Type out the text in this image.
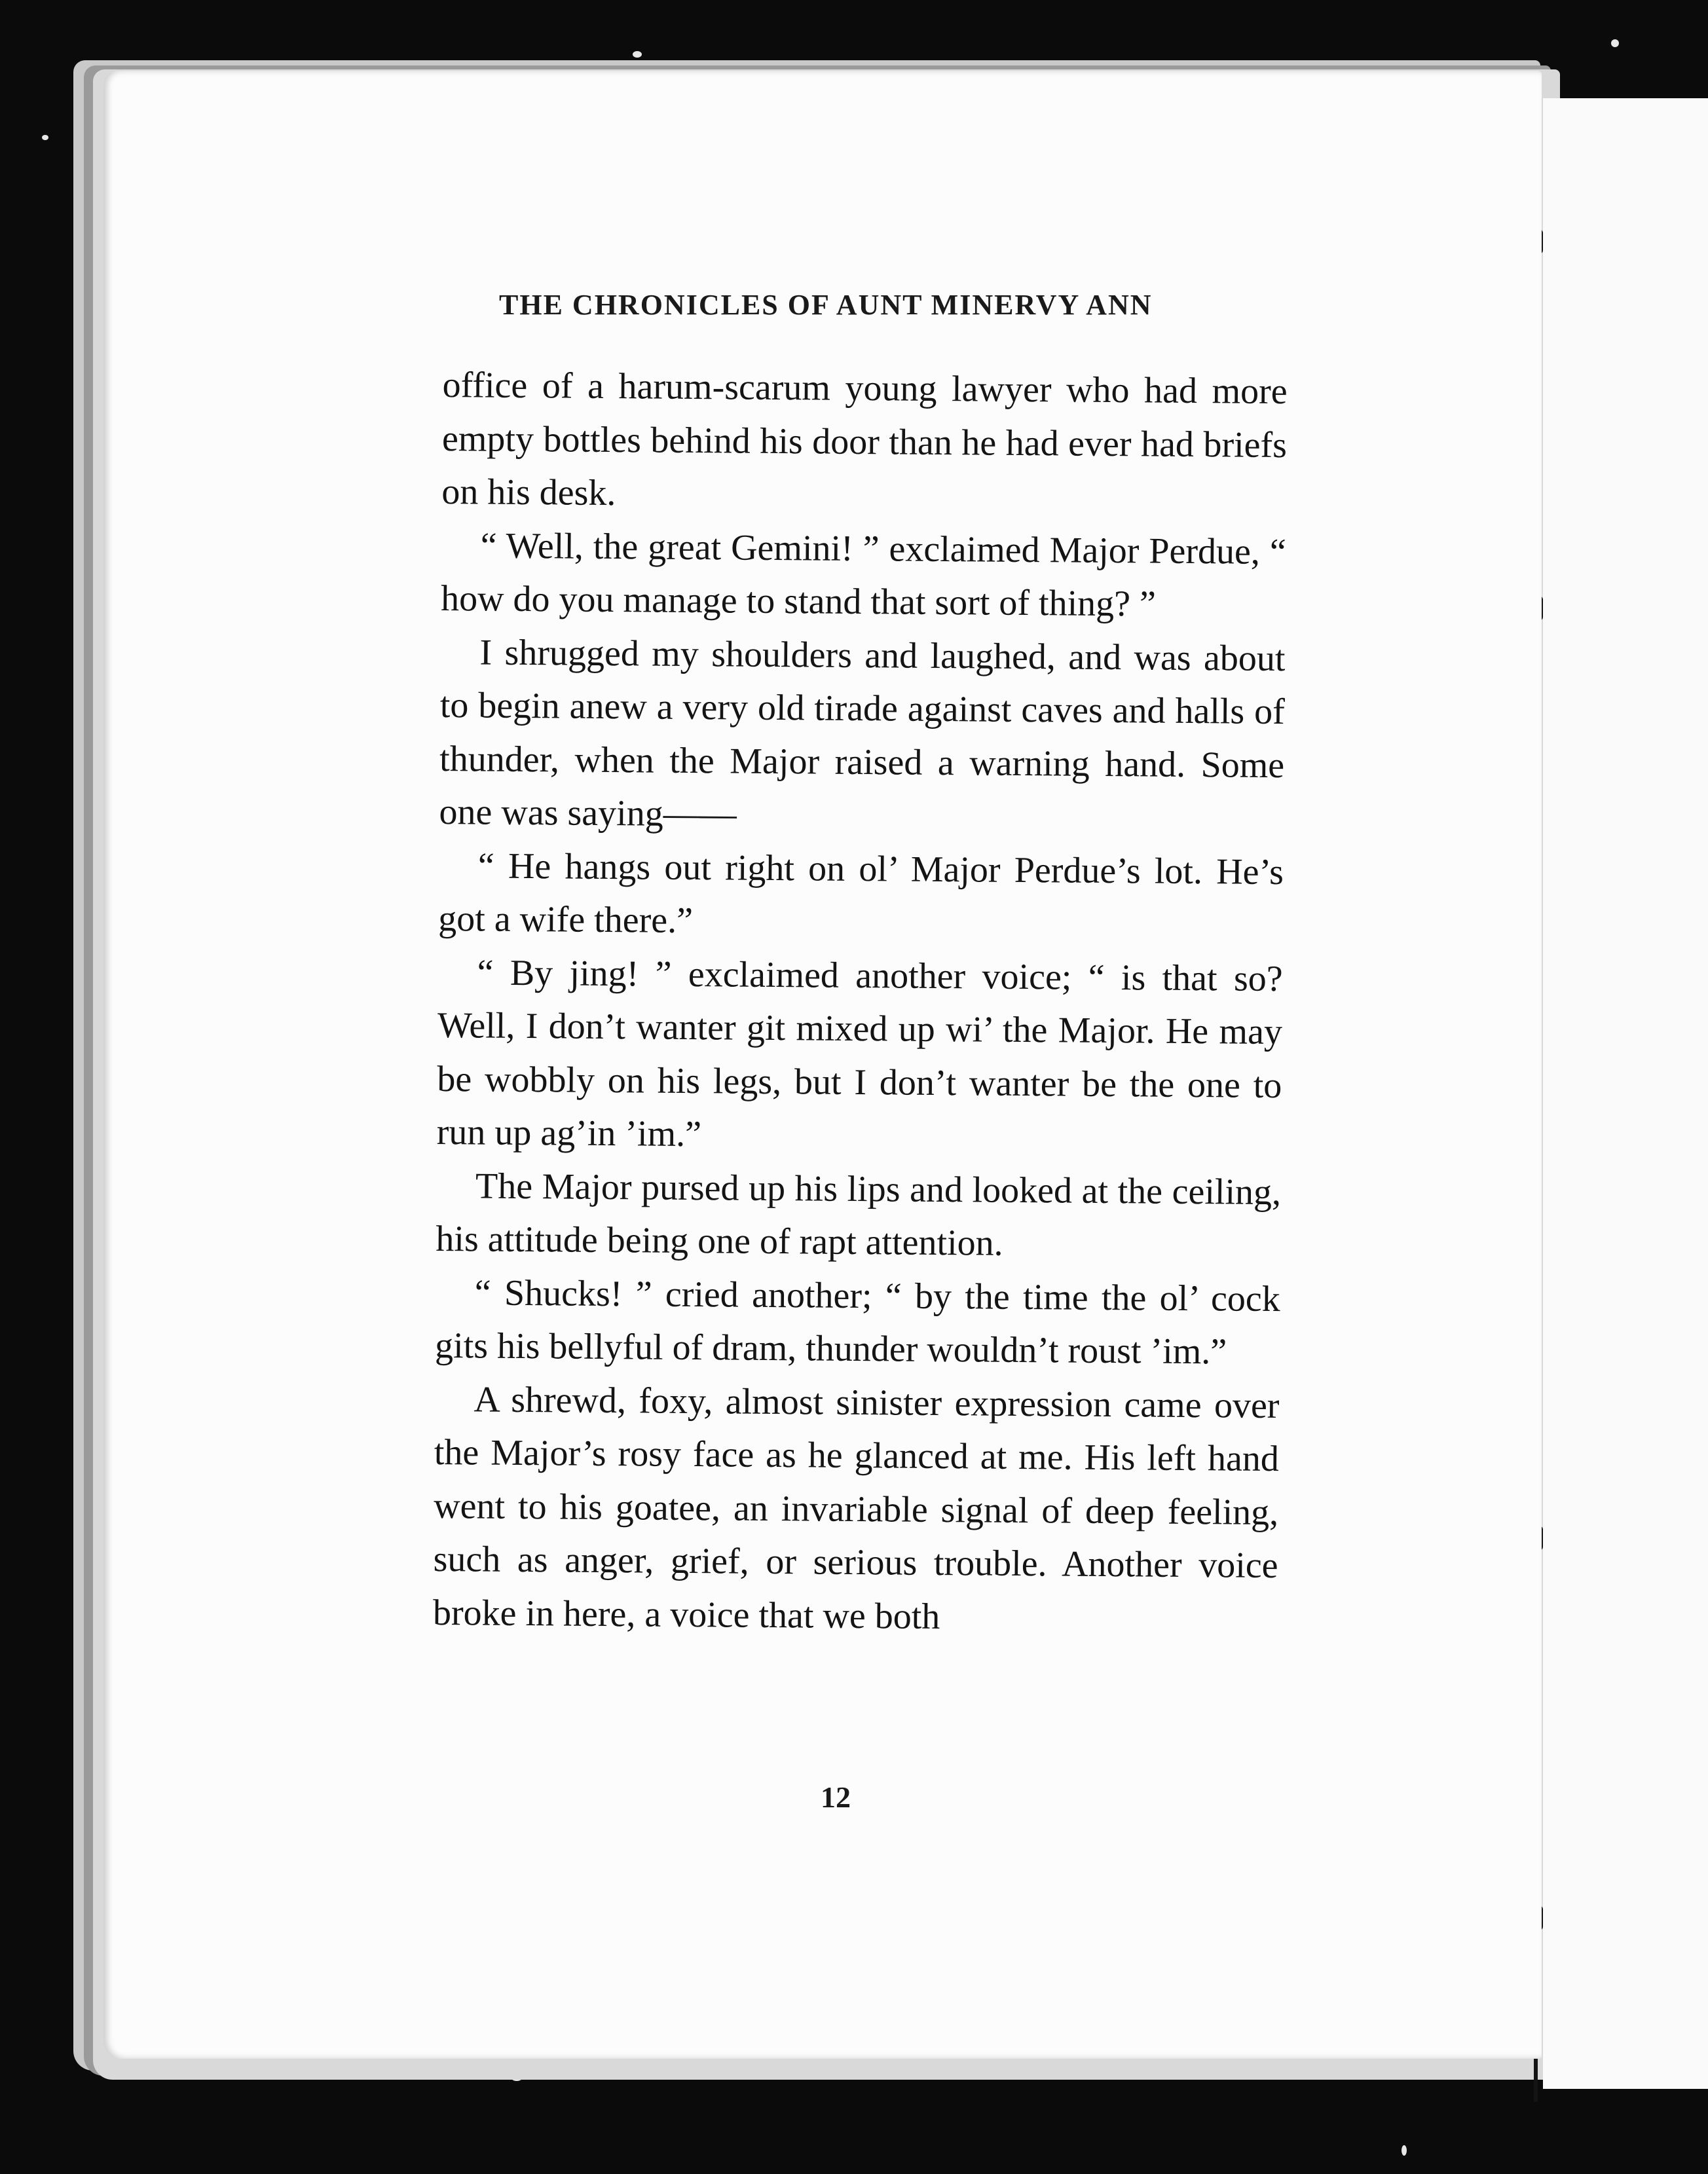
THE CHRONICLES OF AUNT MINERVY ANN

office of a harum-scarum young lawyer who had more empty bottles behind his door than he had ever had briefs on his desk.

“ Well, the great Gemini! ” exclaimed Major Perdue, “ how do you manage to stand that sort of thing? ”

I shrugged my shoulders and laughed, and was about to begin anew a very old tirade against caves and halls of thunder, when the Major raised a warning hand. Some one was saying——

“ He hangs out right on ol’ Major Perdue’s lot. He’s got a wife there.”

“ By jing! ” exclaimed another voice; “ is that so? Well, I don’t wanter git mixed up wi’ the Major. He may be wobbly on his legs, but I don’t wanter be the one to run up ag’in ’im.”

The Major pursed up his lips and looked at the ceiling, his attitude being one of rapt attention.

“ Shucks! ” cried another; “ by the time the ol’ cock gits his bellyful of dram, thunder wouldn’t roust ’im.”

A shrewd, foxy, almost sinister expression came over the Major’s rosy face as he glanced at me. His left hand went to his goatee, an invariable signal of deep feeling, such as anger, grief, or serious trouble. Another voice broke in here, a voice that we both

12
